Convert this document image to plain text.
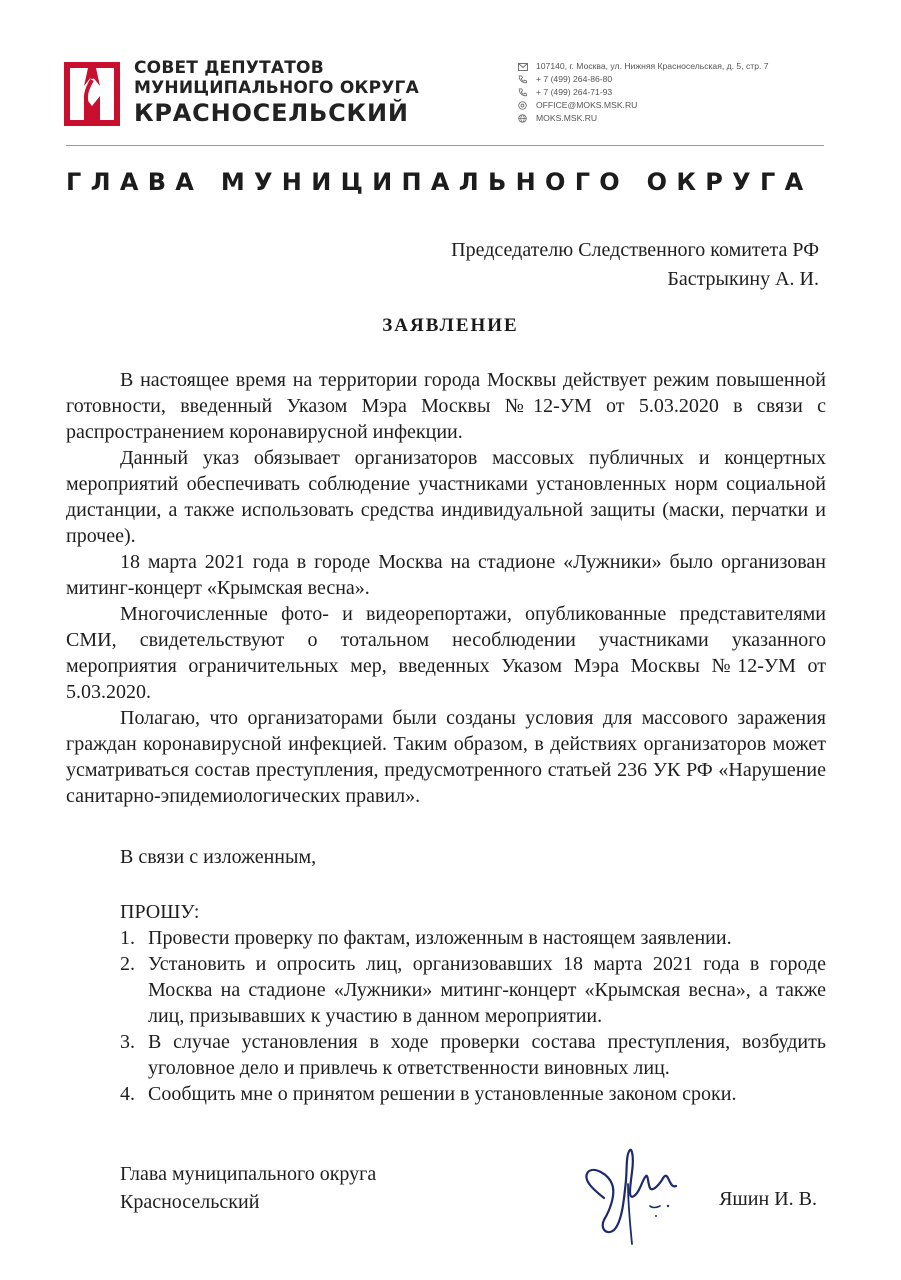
СОВЕТ ДЕПУТАТОВ
МУНИЦИПАЛЬНОГО ОКРУГА
КРАСНОСЕЛЬСКИЙ
107140, г. Москва, ул. Нижняя Красносельская, д. 5, стр. 7
+ 7 (499) 264-86-80
+ 7 (499) 264-71-93
OFFICE@MOKS.MSK.RU
MOKS.MSK.RU
ГЛАВА МУНИЦИПАЛЬНОГО ОКРУГА
Председателю Следственного комитета РФ
Бастрыкину А. И.
ЗАЯВЛЕНИЕ

В настоящее время на территории города Москвы действует режим повышенной готовности, введенный Указом Мэра Москвы №12-УМ от 5.03.2020 в связи с распространением коронавирусной инфекции.

Данный указ обязывает организаторов массовых публичных и концертных мероприятий обеспечивать соблюдение участниками установленных норм социальной дистанции, а также использовать средства индивидуальной защиты (маски, перчатки и прочее).

18 марта 2021 года в городе Москва на стадионе «Лужники» было организован митинг-концерт «Крымская весна».

Многочисленные фото- и видеорепортажи, опубликованные представителями СМИ, свидетельствуют о тотальном несоблюдении участниками указанного мероприятия ограничительных мер, введенных Указом Мэра Москвы №12-УМ от 5.03.2020.

Полагаю, что организаторами были созданы условия для массового заражения граждан коронавирусной инфекцией. Таким образом, в действиях организаторов может усматриваться состав преступления, предусмотренного статьей 236 УК РФ «Нарушение санитарно-эпидемиологических правил».

В связи с изложенным,
ПРОШУ:
1. Провести проверку по фактам, изложенным в настоящем заявлении.
2. Установить и опросить лиц, организовавших 18 марта 2021 года в городе Москва на стадионе «Лужники» митинг-концерт «Крымская весна», а также лиц, призывавших к участию в данном мероприятии.
3. В случае установления в ходе проверки состава преступления, возбудить уголовное дело и привлечь к ответственности виновных лиц.
4. Сообщить мне о принятом решении в установленные законом сроки.
Глава муниципального округа
Красносельский	Яшин И. В.
